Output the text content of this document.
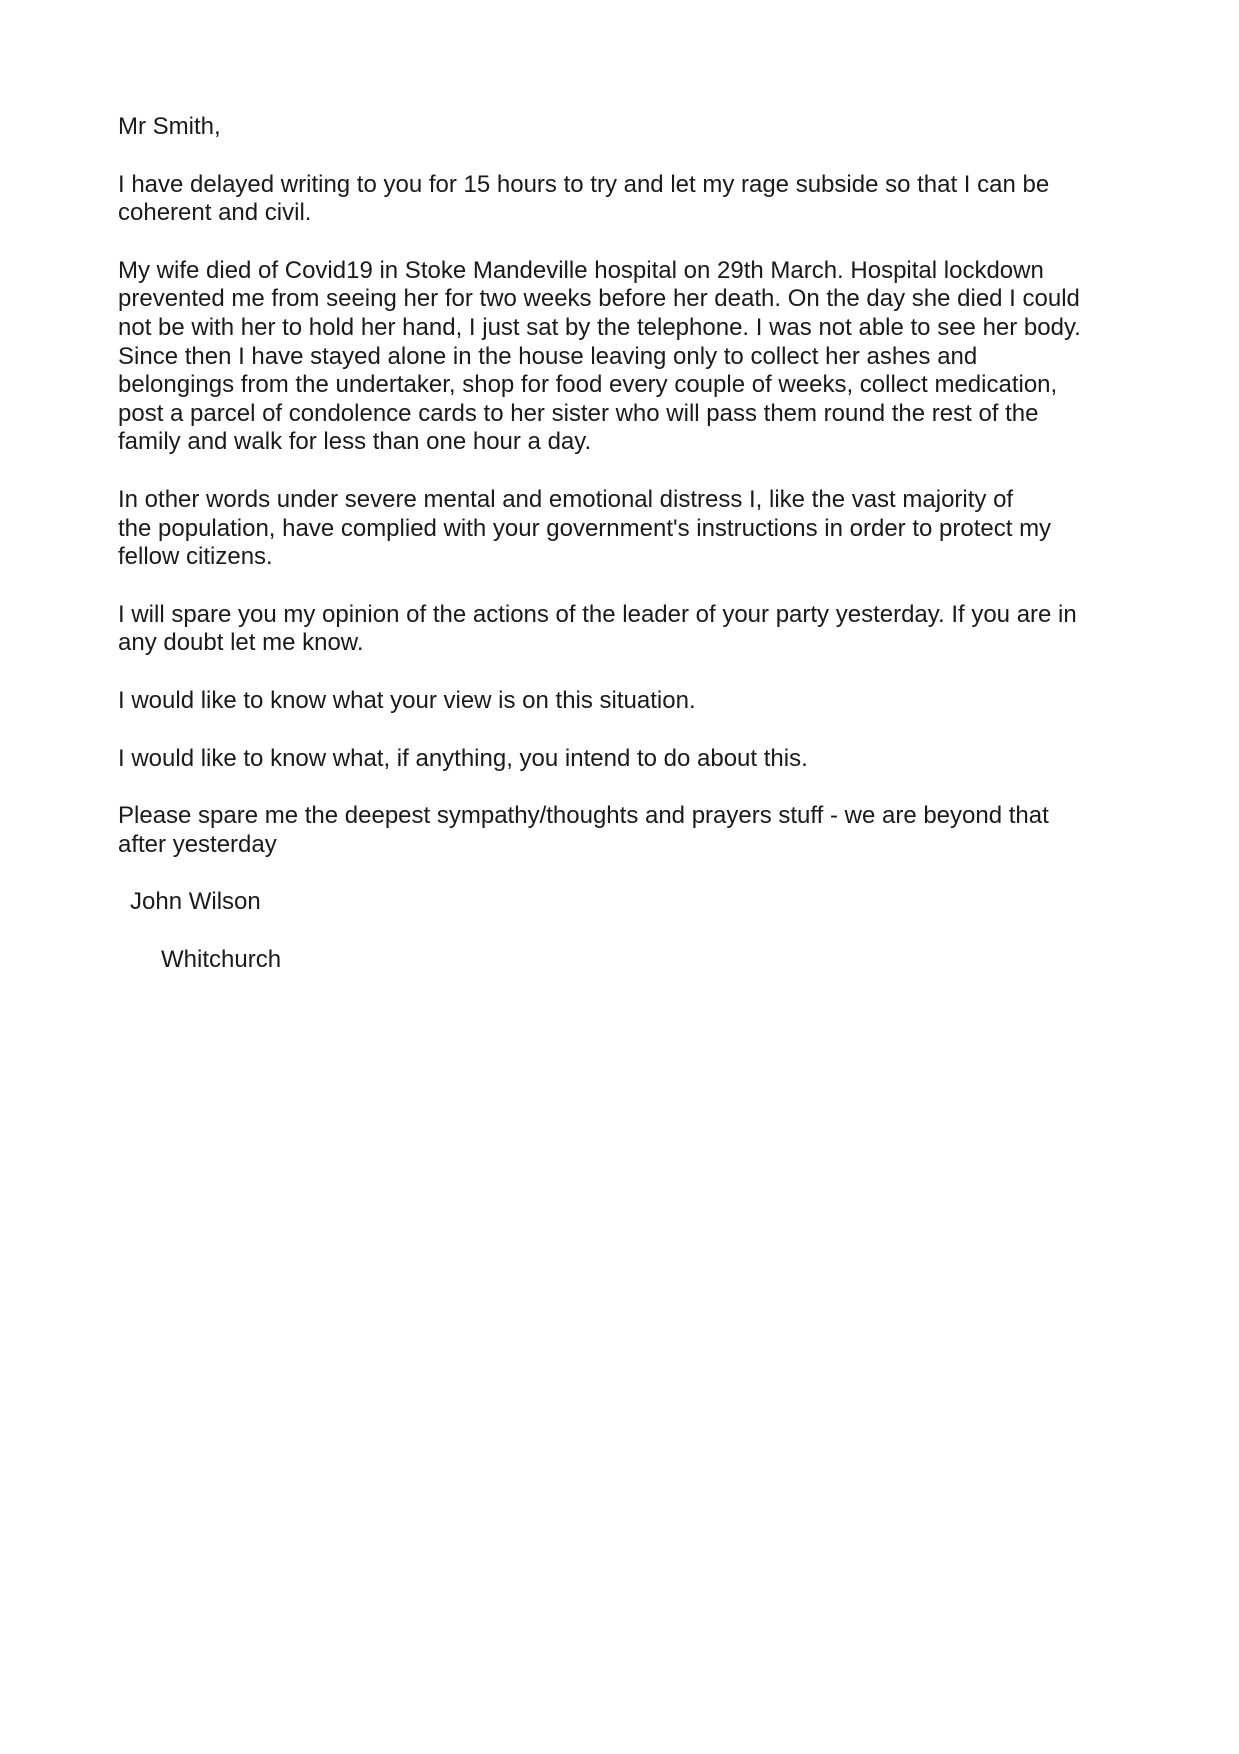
Mr Smith,

I have delayed writing to you for 15 hours to try and let my rage subside so that I can be
coherent and civil.

My wife died of Covid19 in Stoke Mandeville hospital on 29th March. Hospital lockdown
prevented me from seeing her for two weeks before her death. On the day she died I could
not be with her to hold her hand, I just sat by the telephone. I was not able to see her body.
Since then I have stayed alone in the house leaving only to collect her ashes and
belongings from the undertaker, shop for food every couple of weeks, collect medication,
post a parcel of condolence cards to her sister who will pass them round the rest of the
family and walk for less than one hour a day.

In other words under severe mental and emotional distress I, like the vast majority of
the population, have complied with your government's instructions in order to protect my
fellow citizens.

I will spare you my opinion of the actions of the leader of your party yesterday. If you are in
any doubt let me know.

I would like to know what your view is on this situation.

I would like to know what, if anything, you intend to do about this.

Please spare me the deepest sympathy/thoughts and prayers stuff - we are beyond that
after yesterday

John Wilson

Whitchurch
